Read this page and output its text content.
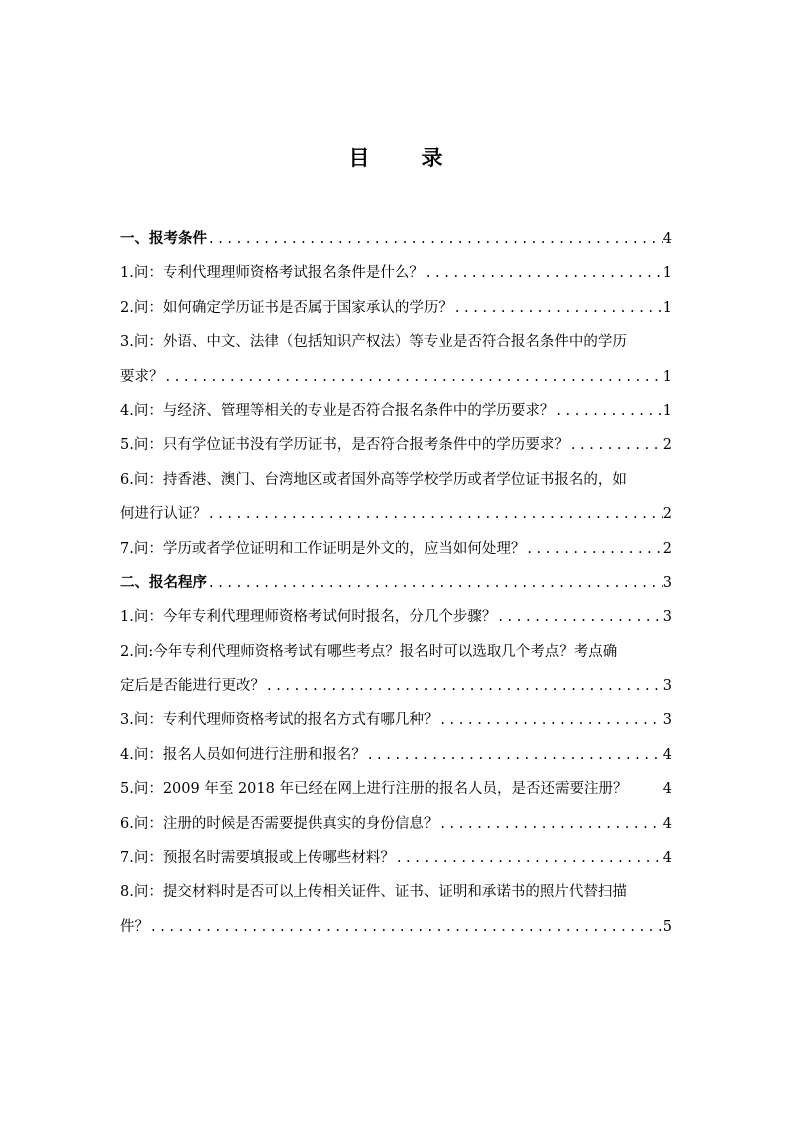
目 录
一、报考条件 . . .	4
1.问：专利代理理师资格考试报名条件是什么？ . . .	1
2.问：如何确定学历证书是否属于国家承认的学历？ . . .	1
3.问：外语、中文、法律（包括知识产权法）等专业是否符合报名条件中的学历
要求？ . . .	1
4.问：与经济、管理等相关的专业是否符合报名条件中的学历要求？ . . .	1
5.问：只有学位证书没有学历证书，是否符合报考条件中的学历要求？ . . .	2
6.问：持香港、澳门、台湾地区或者国外高等学校学历或者学位证书报名的，如
何进行认证？ . . .	2
7.问：学历或者学位证明和工作证明是外文的，应当如何处理？ . . .	2
二、报名程序 . . .	3
1.问：今年专利代理理师资格考试何时报名，分几个步骤？ . . .	3
2.问:今年专利代理师资格考试有哪些考点？报名时可以选取几个考点？考点确
定后是否能进行更改？ . . .	3
3.问：专利代理师资格考试的报名方式有哪几种？ . . .	3
4.问：报名人员如何进行注册和报名？ . . .	4
5.问：2009 年至 2018 年已经在网上进行注册的报名人员，是否还需要注册？ 4
6.问：注册的时候是否需要提供真实的身份信息？ . . .	4
7.问：预报名时需要填报或上传哪些材料？ . . .	4
8.问：提交材料时是否可以上传相关证件、证书、证明和承诺书的照片代替扫描
件？ . . .	5
